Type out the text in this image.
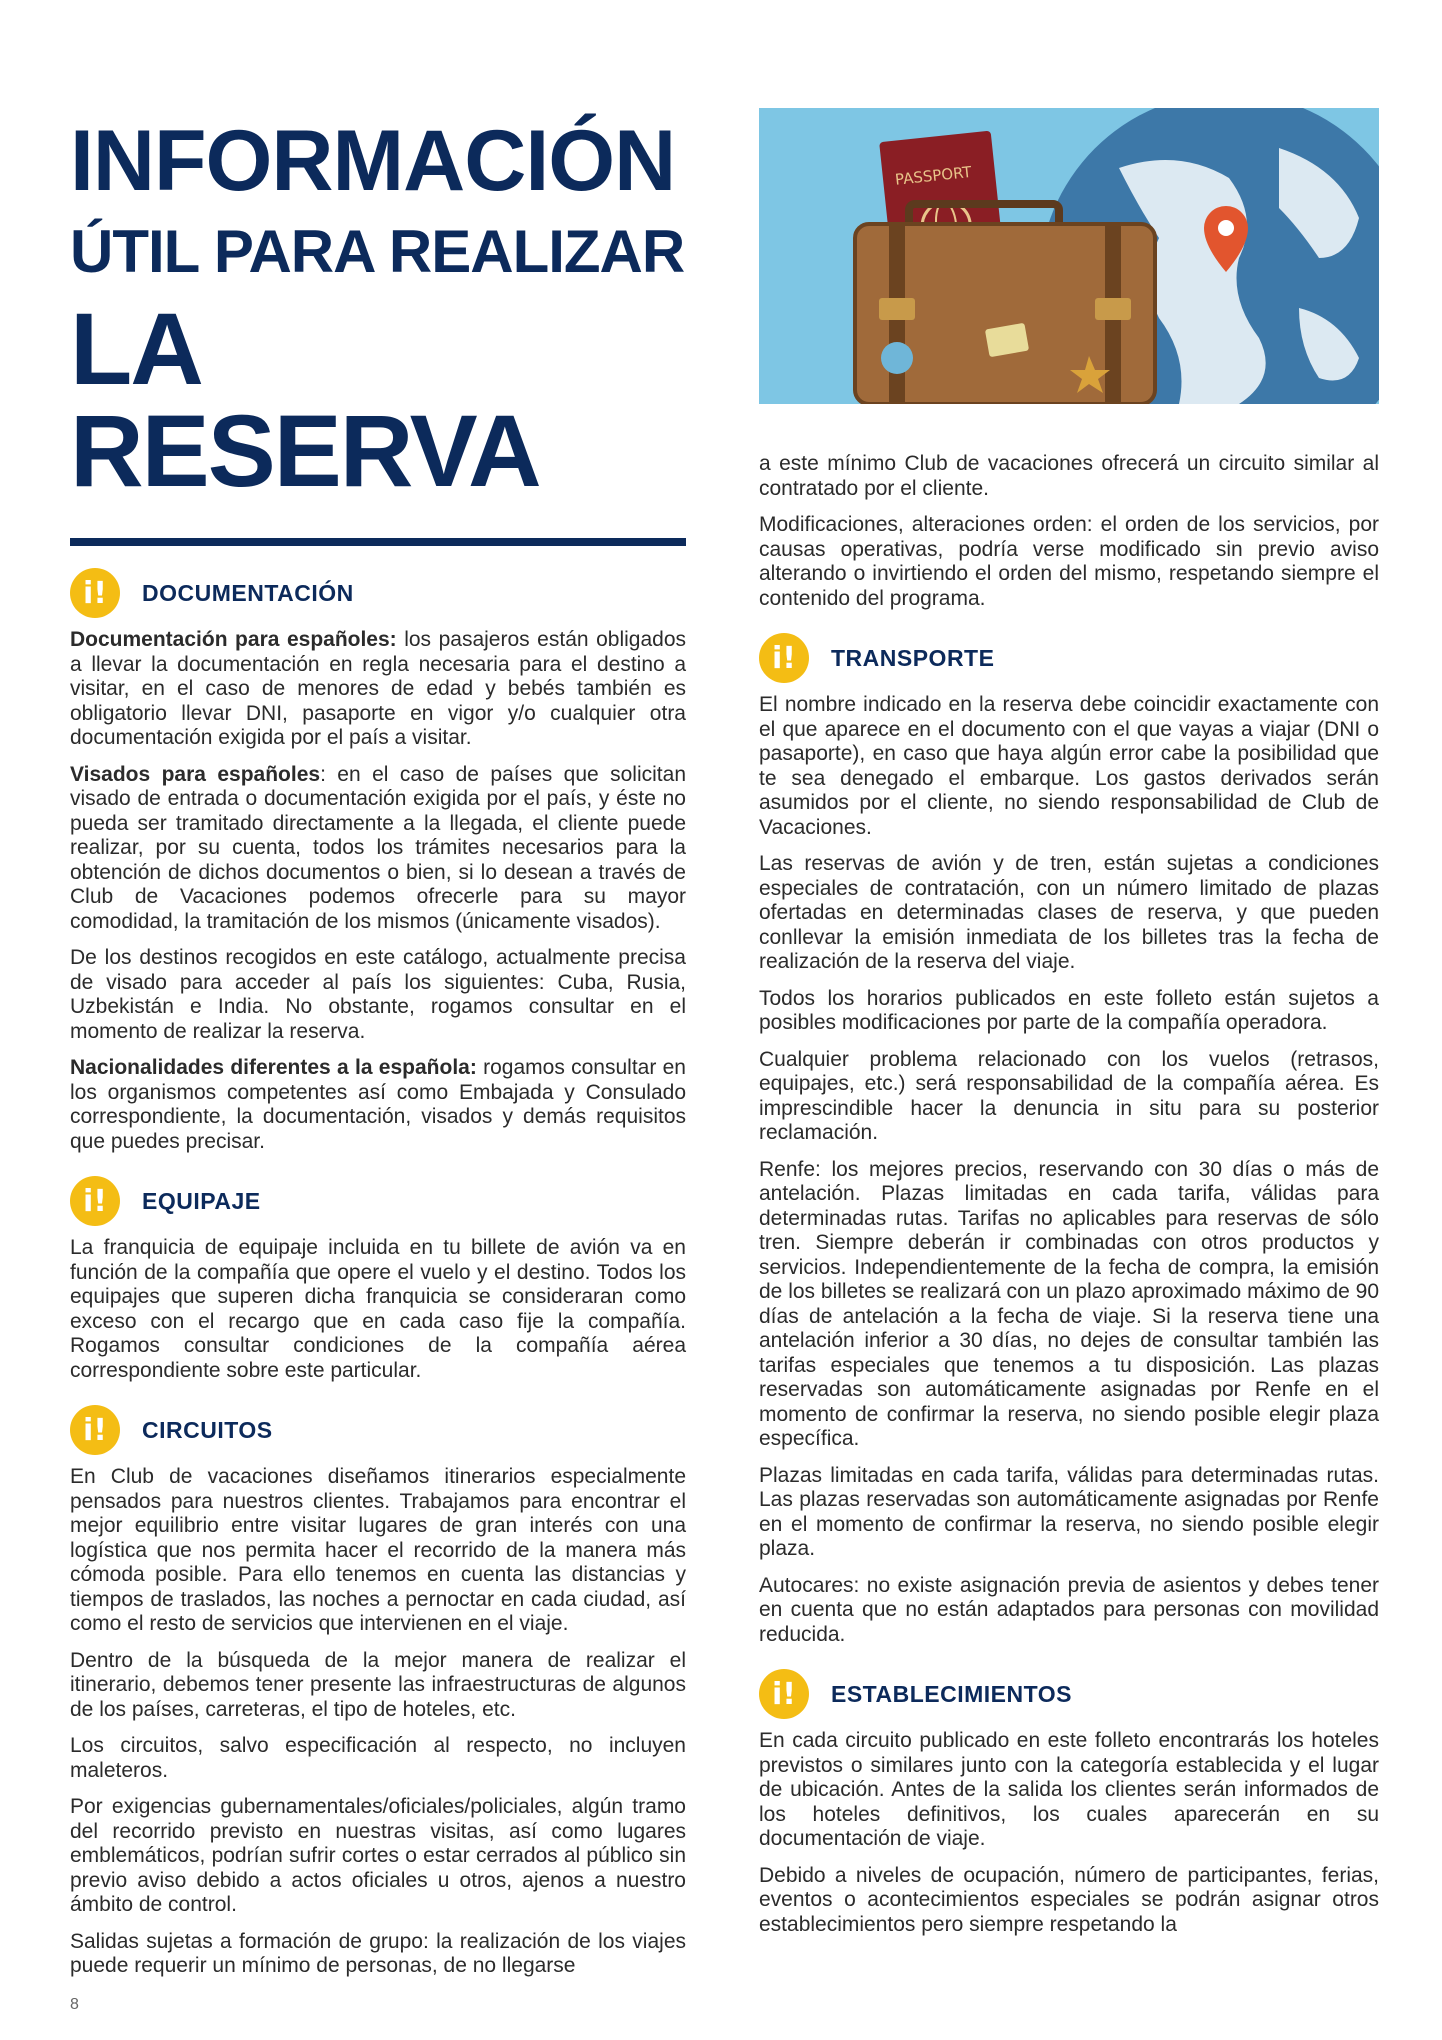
INFORMACIÓN
ÚTIL PARA REALIZAR
LA RESERVA
i!	DOCUMENTACIÓN

Documentación para españoles: los pasajeros están obligados a llevar la documentación en regla necesaria para el destino a visitar, en el caso de menores de edad y bebés también es obligatorio llevar DNI, pasaporte en vigor y/o cualquier otra documentación exigida por el país a visitar.

Visados para españoles: en el caso de países que solicitan visado de entrada o documentación exigida por el país, y éste no pueda ser tramitado directamente a la llegada, el cliente puede realizar, por su cuenta, todos los trámites necesarios para la obtención de dichos documentos o bien, si lo desean a través de Club de Vacaciones podemos ofrecerle para su mayor comodidad, la tramitación de los mismos (únicamente visados).

De los destinos recogidos en este catálogo, actualmente precisa de visado para acceder al país los siguientes: Cuba, Rusia, Uzbekistán e India. No obstante, rogamos consultar en el momento de realizar la reserva.

Nacionalidades diferentes a la española: rogamos consultar en los organismos competentes así como Embajada y Consulado correspondiente, la documentación, visados y demás requisitos que puedes precisar.

i!	EQUIPAJE

La franquicia de equipaje incluida en tu billete de avión va en función de la compañía que opere el vuelo y el destino. Todos los equipajes que superen dicha franquicia se consideraran como exceso con el recargo que en cada caso fije la compañía. Rogamos consultar condiciones de la compañía aérea correspondiente sobre este particular.

i!	CIRCUITOS

En Club de vacaciones diseñamos itinerarios especialmente pensados para nuestros clientes. Trabajamos para encontrar el mejor equilibrio entre visitar lugares de gran interés con una logística que nos permita hacer el recorrido de la manera más cómoda posible. Para ello tenemos en cuenta las distancias y tiempos de traslados, las noches a pernoctar en cada ciudad, así como el resto de servicios que intervienen en el viaje.

Dentro de la búsqueda de la mejor manera de realizar el itinerario, debemos tener presente las infraestructuras de algunos de los países, carreteras, el tipo de hoteles, etc.

Los circuitos, salvo especificación al respecto, no incluyen maleteros.

Por exigencias gubernamentales/oficiales/policiales, algún tramo del recorrido previsto en nuestras visitas, así como lugares emblemáticos, podrían sufrir cortes o estar cerrados al público sin previo aviso debido a actos oficiales u otros, ajenos a nuestro ámbito de control.

Salidas sujetas a formación de grupo: la realización de los viajes puede requerir un mínimo de personas, de no llegarse

PASSPORT

a este mínimo Club de vacaciones ofrecerá un circuito similar al contratado por el cliente.

Modificaciones, alteraciones orden: el orden de los servicios, por causas operativas, podría verse modificado sin previo aviso alterando o invirtiendo el orden del mismo, respetando siempre el contenido del programa.

i!	TRANSPORTE

El nombre indicado en la reserva debe coincidir exactamente con el que aparece en el documento con el que vayas a viajar (DNI o pasaporte), en caso que haya algún error cabe la posibilidad que te sea denegado el embarque. Los gastos derivados serán asumidos por el cliente, no siendo responsabilidad de Club de Vacaciones.

Las reservas de avión y de tren, están sujetas a condiciones especiales de contratación, con un número limitado de plazas ofertadas en determinadas clases de reserva, y que pueden conllevar la emisión inmediata de los billetes tras la fecha de realización de la reserva del viaje.

Todos los horarios publicados en este folleto están sujetos a posibles modificaciones por parte de la compañía operadora.

Cualquier problema relacionado con los vuelos (retrasos, equipajes, etc.) será responsabilidad de la compañía aérea. Es imprescindible hacer la denuncia in situ para su posterior reclamación.

Renfe: los mejores precios, reservando con 30 días o más de antelación. Plazas limitadas en cada tarifa, válidas para determinadas rutas. Tarifas no aplicables para reservas de sólo tren. Siempre deberán ir combinadas con otros productos y servicios. Independientemente de la fecha de compra, la emisión de los billetes se realizará con un plazo aproximado máximo de 90 días de antelación a la fecha de viaje. Si la reserva tiene una antelación inferior a 30 días, no dejes de consultar también las tarifas especiales que tenemos a tu disposición. Las plazas reservadas son automáticamente asignadas por Renfe en el momento de confirmar la reserva, no siendo posible elegir plaza específica.

Plazas limitadas en cada tarifa, válidas para determinadas rutas. Las plazas reservadas son automáticamente asignadas por Renfe en el momento de confirmar la reserva, no siendo posible elegir plaza.

Autocares: no existe asignación previa de asientos y debes tener en cuenta que no están adaptados para personas con movilidad reducida.

i!	ESTABLECIMIENTOS

En cada circuito publicado en este folleto encontrarás los hoteles previstos o similares junto con la categoría establecida y el lugar de ubicación. Antes de la salida los clientes serán informados de los hoteles definitivos, los cuales aparecerán en su documentación de viaje.

Debido a niveles de ocupación, número de participantes, ferias, eventos o acontecimientos especiales se podrán asignar otros establecimientos pero siempre respetando la

8
